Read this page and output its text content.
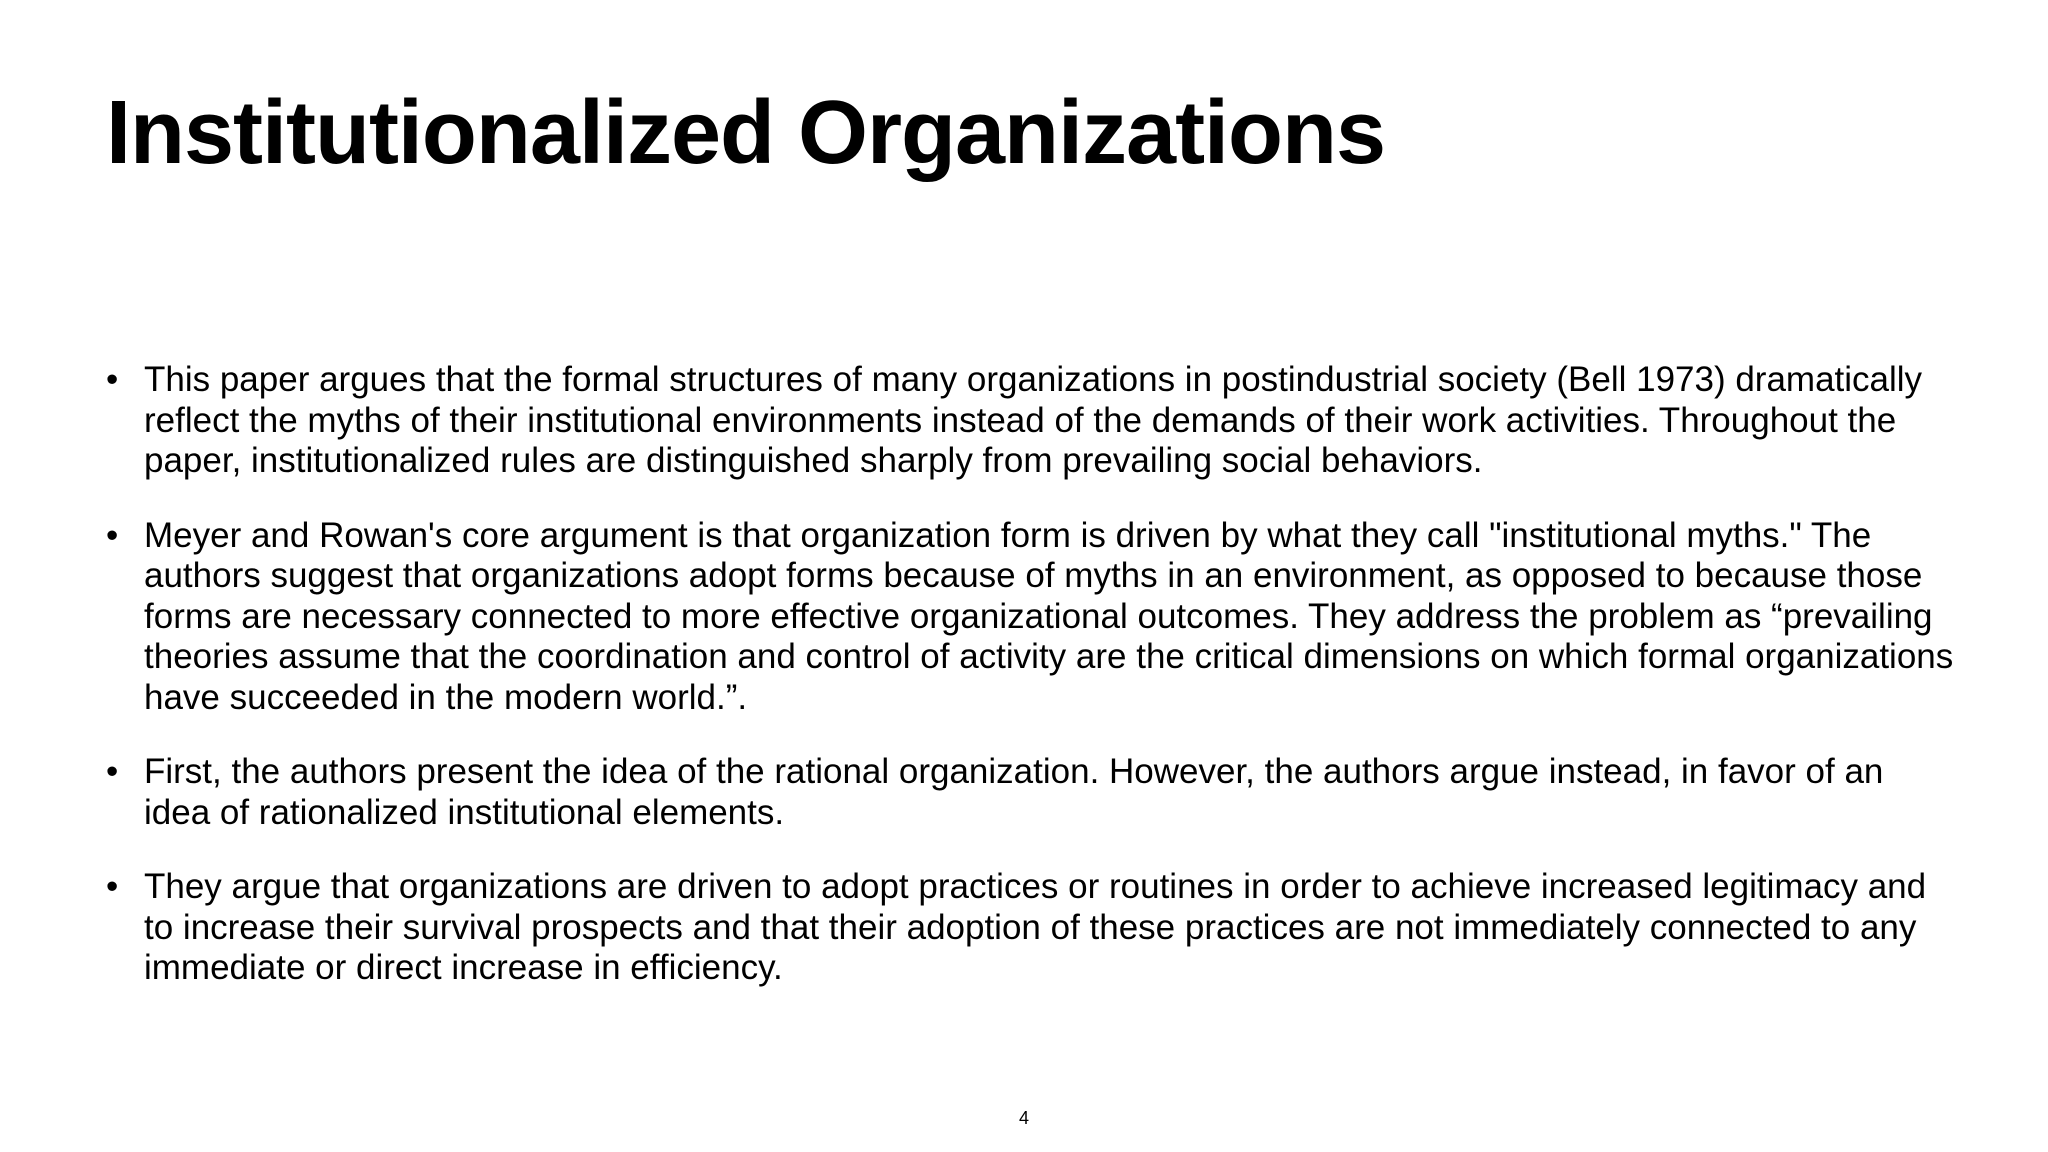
Institutionalized Organizations
• This paper argues that the formal structures of many organizations in postindustrial society (Bell 1973) dramatically reflect the myths of their institutional environments instead of the demands of their work activities. Throughout the paper, institutionalized rules are distinguished sharply from prevailing social behaviors.
• Meyer and Rowan's core argument is that organization form is driven by what they call "institutional myths." The authors suggest that organizations adopt forms because of myths in an environment, as opposed to because those forms are necessary connected to more effective organizational outcomes. They address the problem as “prevailing theories assume that the coordination and control of activity are the critical dimensions on which formal organizations have succeeded in the modern world.”.
• First, the authors present the idea of the rational organization. However, the authors argue instead, in favor of an idea of rationalized institutional elements.
• They argue that organizations are driven to adopt practices or routines in order to achieve increased legitimacy and to increase their survival prospects and that their adoption of these practices are not immediately connected to any immediate or direct increase in efficiency.
4
